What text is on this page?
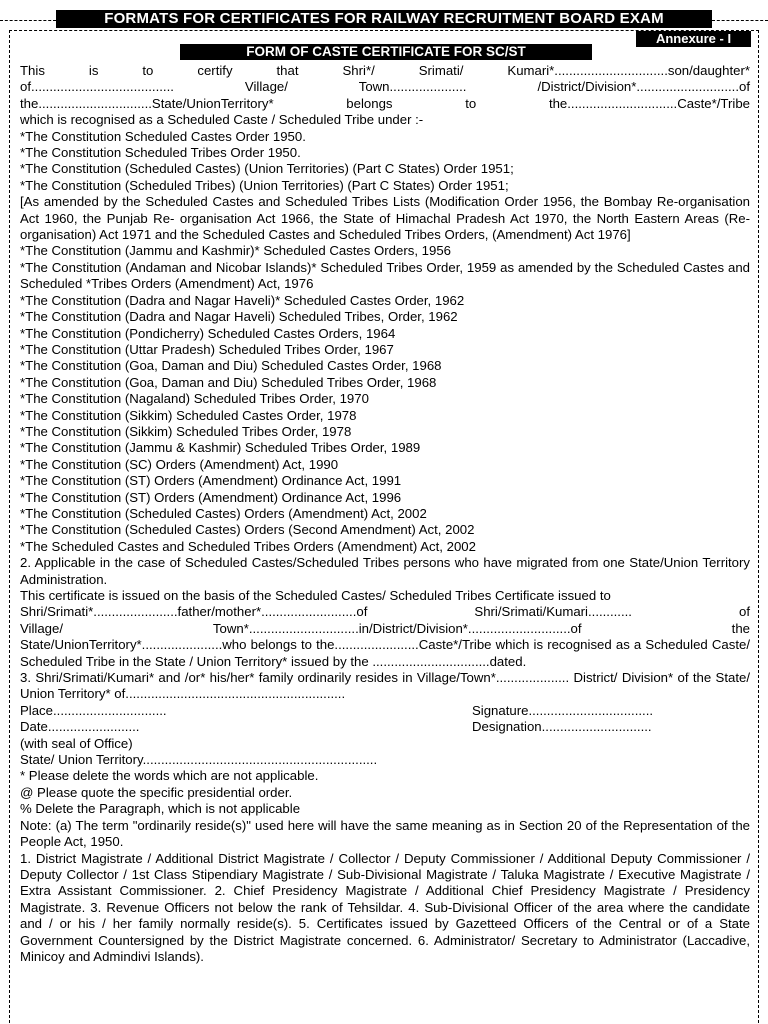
FORMATS FOR CERTIFICATES FOR RAILWAY RECRUITMENT BOARD EXAM
Annexure - I
FORM OF CASTE CERTIFICATE FOR SC/ST

This is to certify that Shri*/ Srimati/ Kumari*...............................son/daughter*

of....................................... Village/ Town..................... /District/Division*............................of

the...............................State/UnionTerritory* belongs to the..............................Caste*/Tribe

which is recognised as a Scheduled Caste / Scheduled Tribe under :-

*The Constitution Scheduled Castes Order 1950.

*The Constitution Scheduled Tribes Order 1950.

*The Constitution (Scheduled Castes) (Union Territories) (Part C States) Order 1951;

*The Constitution (Scheduled Tribes) (Union Territories) (Part C States) Order 1951;

[As amended by the Scheduled Castes and Scheduled Tribes Lists (Modification Order 1956, the Bombay Re-organisation Act 1960, the Punjab Re- organisation Act 1966, the State of Himachal Pradesh Act 1970, the North Eastern Areas (Re-organisation) Act 1971 and the Scheduled Castes and Scheduled Tribes Orders, (Amendment) Act 1976]

*The Constitution (Jammu and Kashmir)* Scheduled Castes Orders, 1956

*The Constitution (Andaman and Nicobar Islands)* Scheduled Tribes Order, 1959 as amended by the Scheduled Castes and Scheduled *Tribes Orders (Amendment) Act, 1976

*The Constitution (Dadra and Nagar Haveli)* Scheduled Castes Order, 1962

*The Constitution (Dadra and Nagar Haveli) Scheduled Tribes, Order, 1962

*The Constitution (Pondicherry) Scheduled Castes Orders, 1964

*The Constitution (Uttar Pradesh) Scheduled Tribes Order, 1967

*The Constitution (Goa, Daman and Diu) Scheduled Castes Order, 1968

*The Constitution (Goa, Daman and Diu) Scheduled Tribes Order, 1968

*The Constitution (Nagaland) Scheduled Tribes Order, 1970

*The Constitution (Sikkim) Scheduled Castes Order, 1978

*The Constitution (Sikkim) Scheduled Tribes Order, 1978

*The Constitution (Jammu & Kashmir) Scheduled Tribes Order, 1989

*The Constitution (SC) Orders (Amendment) Act, 1990

*The Constitution (ST) Orders (Amendment) Ordinance Act, 1991

*The Constitution (ST) Orders (Amendment) Ordinance Act, 1996

*The Constitution (Scheduled Castes) Orders (Amendment) Act, 2002

*The Constitution (Scheduled Castes) Orders (Second Amendment) Act, 2002

*The Scheduled Castes and Scheduled Tribes Orders (Amendment) Act, 2002

2. Applicable in the case of Scheduled Castes/Scheduled Tribes persons who have migrated from one State/Union Territory Administration.

This certificate is issued on the basis of the Scheduled Castes/ Scheduled Tribes Certificate issued to

Shri/Srimati*.......................father/mother*..........................of Shri/Srimati/Kumari............ of

Village/ Town*..............................in/District/Division*............................of the

State/UnionTerritory*......................who belongs to the.......................Caste*/Tribe which is recognised as a Scheduled Caste/ Scheduled Tribe in the State / Union Territory* issued by the ................................dated.

3. Shri/Srimati/Kumari* and /or* his/her* family ordinarily resides in Village/Town*.................... District/ Division* of the State/ Union Territory* of............................................................

Place...............................	Signature..................................
Date.........................	Designation..............................

(with seal of Office)

State/ Union Territory................................................................

* Please delete the words which are not applicable.

@ Please quote the specific presidential order.

% Delete the Paragraph, which is not applicable

Note: (a) The term "ordinarily reside(s)" used here will have the same meaning as in Section 20 of the Representation of the People Act, 1950.

1. District Magistrate / Additional District Magistrate / Collector / Deputy Commissioner / Additional Deputy Commissioner / Deputy Collector / 1st Class Stipendiary Magistrate / Sub-Divisional Magistrate / Taluka Magistrate / Executive Magistrate / Extra Assistant Commissioner. 2. Chief Presidency Magistrate / Additional Chief Presidency Magistrate / Presidency Magistrate. 3. Revenue Officers not below the rank of Tehsildar. 4. Sub-Divisional Officer of the area where the candidate and / or his / her family normally reside(s). 5. Certificates issued by Gazetteed Officers of the Central or of a State Government Countersigned by the District Magistrate concerned. 6. Administrator/ Secretary to Administrator (Laccadive, Minicoy and Admindivi Islands).
